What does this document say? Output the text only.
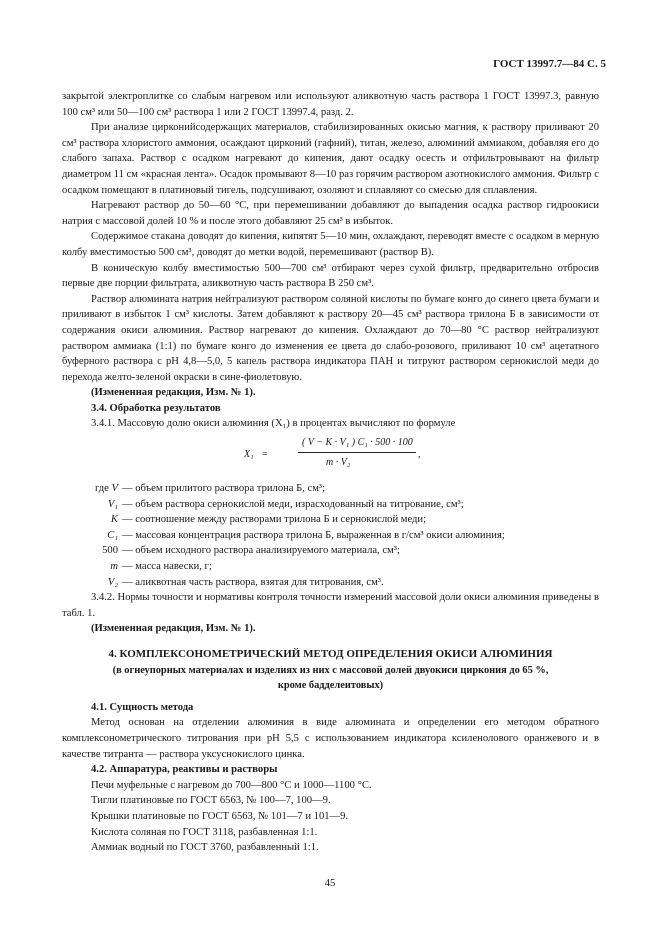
ГОСТ 13997.7—84 С. 5

закрытой электроплитке со слабым нагревом или используют аликвотную часть раствора 1 ГОСТ 13997.3, равную 100 см³ или 50—100 см³ раствора 1 или 2 ГОСТ 13997.4, разд. 2.

При анализе цирконийсодержащих материалов, стабилизированных окисью магния, к раствору приливают 20 см³ раствора хлористого аммония, осаждают цирконий (гафний), титан, железо, алюминий аммиаком, добавляя его до слабого запаха. Раствор с осадком нагревают до кипения, дают осадку осесть и отфильтровывают на фильтр диаметром 11 см «красная лента». Осадок промывают 8—10 раз горячим раствором азотнокислого аммония. Фильтр с осадком помещают в платиновый тигель, подсушивают, озоляют и сплавляют со смесью для сплавления.

Нагревают раствор до 50—60 °С, при перемешивании добавляют до выпадения осадка раствор гидроокиси натрия с массовой долей 10 % и после этого добавляют 25 см³ в избыток.

Содержимое стакана доводят до кипения, кипятят 5—10 мин, охлаждают, переводят вместе с осадком в мерную колбу вместимостью 500 см³, доводят до метки водой, перемешивают (раствор В).

В коническую колбу вместимостью 500—700 см³ отбирают через сухой фильтр, предварительно отбросив первые две порции фильтрата, аликвотную часть раствора В 250 см³.

Раствор алюмината натрия нейтрализуют раствором соляной кислоты по бумаге конго до синего цвета бумаги и приливают в избыток 1 см³ кислоты. Затем добавляют к раствору 20—45 см³ раствора трилона Б в зависимости от содержания окиси алюминия. Раствор нагревают до кипения. Охлаждают до 70—80 °С раствор нейтрализуют раствором аммиака (1:1) по бумаге конго до изменения ее цвета до слабо-розового, приливают 10 см³ ацетатного буферного раствора с рН 4,8—5,0, 5 капель раствора индикатора ПАН и титруют раствором сернокислой меди до перехода желто-зеленой окраски в сине-фиолетовую.

(Измененная редакция, Изм. № 1).

3.4. Обработка результатов

3.4.1. Массовую долю окиси алюминия (X₁) в процентах вычисляют по формуле

X₁ =
( V − K · V₁ ) C₁ · 500 · 100
m · V₂
,
где V — объем прилитого раствора трилона Б, см³;
V₁ — объем раствора сернокислой меди, израсходованный на титрование, см³;
K — соотношение между растворами трилона Б и сернокислой меди;
C₁ — массовая концентрация раствора трилона Б, выраженная в г/см³ окиси алюминия;
500 — объем исходного раствора анализируемого материала, см³;
m — масса навески, г;
V₂ — аликвотная часть раствора, взятая для титрования, см³.

3.4.2. Нормы точности и нормативы контроля точности измерений массовой доли окиси алюминия приведены в табл. 1.

(Измененная редакция, Изм. № 1).

4. КОМПЛЕКСОНОМЕТРИЧЕСКИЙ МЕТОД ОПРЕДЕЛЕНИЯ ОКИСИ АЛЮМИНИЯ
(в огнеупорных материалах и изделиях из них с массовой долей двуокиси циркония до 65 %,
кроме бадделеитовых)

4.1. Сущность метода

Метод основан на отделении алюминия в виде алюмината и определении его методом обратного комплексонометрического титрования при рН 5,5 с использованием индикатора ксиленолового оранжевого и в качестве титранта — раствора уксуснокислого цинка.

4.2. Аппаратура, реактивы и растворы

Печи муфельные с нагревом до 700—800 °С и 1000—1100 °С.

Тигли платиновые по ГОСТ 6563, № 100—7, 100—9.

Крышки платиновые по ГОСТ 6563, № 101—7 и 101—9.

Кислота соляная по ГОСТ 3118, разбавленная 1:1.

Аммиак водный по ГОСТ 3760, разбавленный 1:1.

45
